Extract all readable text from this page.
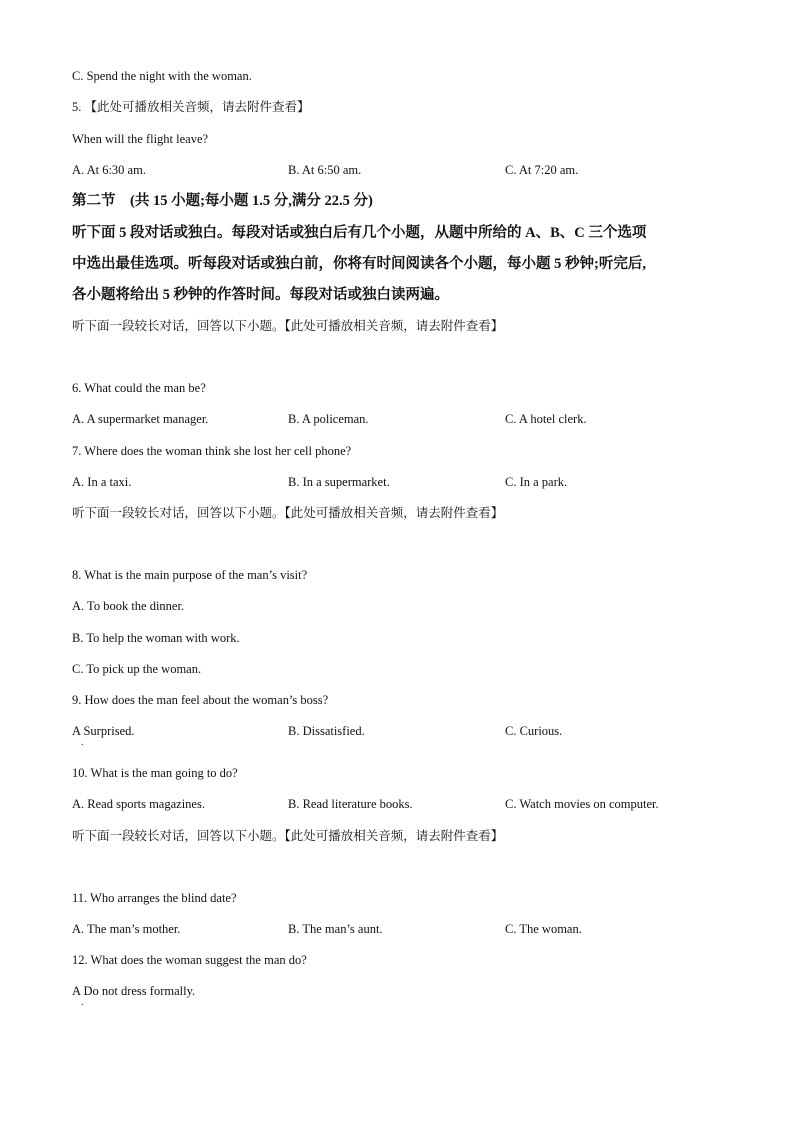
C. Spend the night with the woman.
5. 【此处可播放相关音频，请去附件查看】
When will the flight leave?
A. At 6:30 am.	B. At 6:50 am.	C. At 7:20 am.
第二节　(共 15 小题;每小题 1.5 分,满分 22.5 分)
听下面 5 段对话或独白。每段对话或独白后有几个小题，从题中所给的 A、B、C 三个选项
中选出最佳选项。听每段对话或独白前，你将有时间阅读各个小题，每小题 5 秒钟;听完后,
各小题将给出 5 秒钟的作答时间。每段对话或独白读两遍。
听下面一段较长对话，回答以下小题。【此处可播放相关音频，请去附件查看】
6. What could the man be?
A. A supermarket manager.	B. A policeman.	C. A hotel clerk.
7. Where does the woman think she lost her cell phone?
A. In a taxi.	B. In a supermarket.	C. In a park.
听下面一段较长对话，回答以下小题。【此处可播放相关音频，请去附件查看】
8. What is the main purpose of the man’s visit?
A. To book the dinner.
B. To help the woman with work.
C. To pick up the woman.
9. How does the man feel about the woman’s boss?
A Surprised.
.
B. Dissatisfied.	C. Curious.
10. What is the man going to do?
A. Read sports magazines.	B. Read literature books.	C. Watch movies on computer.
听下面一段较长对话，回答以下小题。【此处可播放相关音频，请去附件查看】
11. Who arranges the blind date?
A. The man’s mother.	B. The man’s aunt.	C. The woman.
12. What does the woman suggest the man do?
A Do not dress formally.
.
